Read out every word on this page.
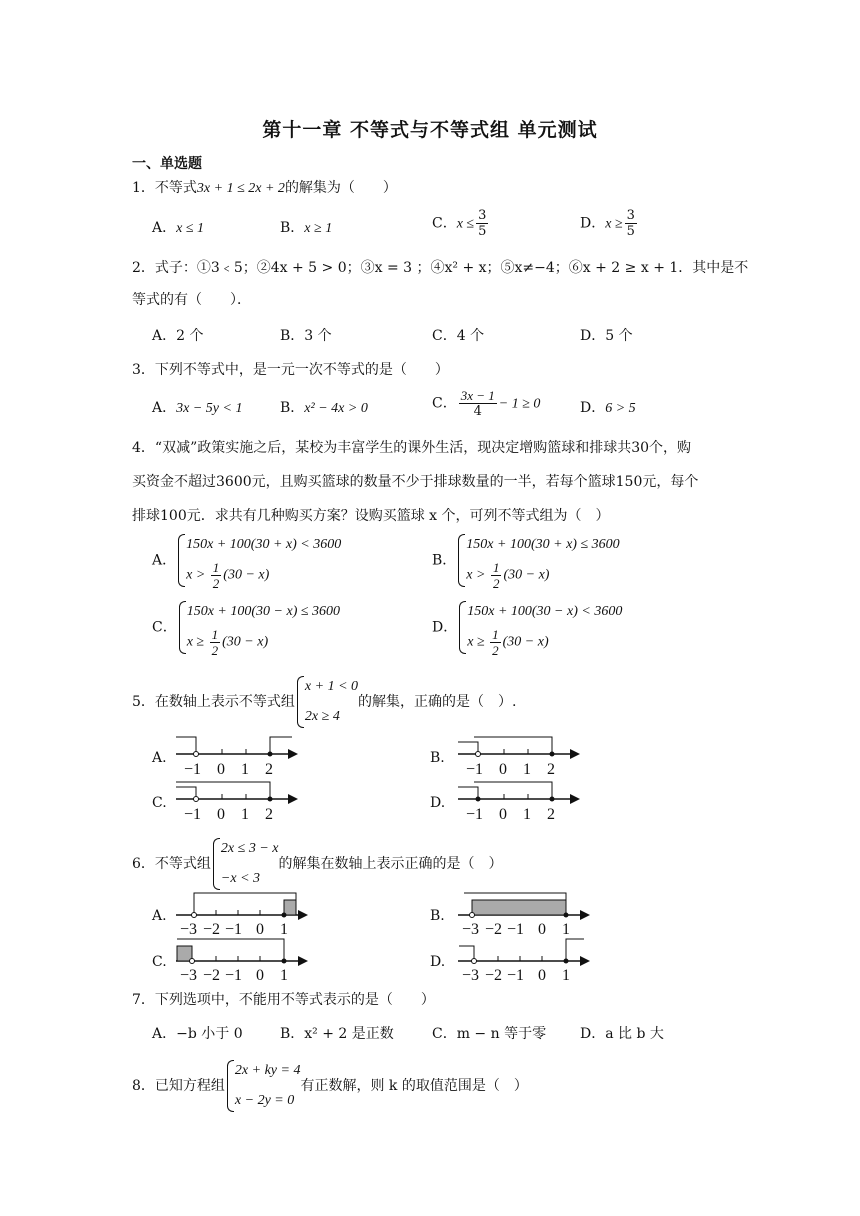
第十一章 不等式与不等式组 单元测试
一、单选题
1．不等式3x + 1 ≤ 2x + 2的解集为（　　）
A．x ≤ 1	B．x ≥ 1	C．$x \le \frac{3}{5}$	D．$x \ge \frac{3}{5}$
2．式子：①3﹤5；②4x + 5 > 0；③x = 3 ；④x² + x；⑤x≠−4；⑥x + 2 ≥ x + 1．其中是不
等式的有（　　）．
A．2 个	B．3 个	C．4 个	D．5 个
3．下列不等式中，是一元一次不等式的是（　　）
A．3x − 5y < 1	B．x² − 4x > 0	C． $\frac{3x - 1}{4} - 1 \ge 0$	D．6 > 5
4．“双减”政策实施之后，某校为丰富学生的课外生活，现决定增购篮球和排球共30个，购
买资金不超过3600元，且购买篮球的数量不少于排球数量的一半，若每个篮球150元，每个
排球100元．求共有几种购买方案？设购买篮球 x 个，可列不等式组为（　）
A．
150x + 100(30 + x) < 3600
$x > \frac{1}{2} (30 - x)$
B．
150x + 100(30 + x) ≤ 3600
$x > \frac{1}{2} (30 - x)$
C．
150x + 100(30 − x) ≤ 3600
$x \ge \frac{1}{2} (30 - x)$
D．
150x + 100(30 − x) < 3600
$x \ge \frac{1}{2} (30 - x)$
5．在数轴上表示不等式组
x + 1 < 0
2x ≥ 4
的解集，正确的是（　）.
A.
−1 0 1 2
B.
−1 0 1 2
C.
−1 0 1 2
D.
−1 0 1 2
6．不等式组
2x ≤ 3 − x
−x < 3
的解集在数轴上表示正确的是（　）
A.
−3 −2 −1 0 1
B.
−3 −2 −1 0 1
C.
−3 −2 −1 0 1
D.
−3 −2 −1 0 1
7．下列选项中，不能用不等式表示的是（　　）
A．−b 小于 0	B．x² + 2 是正数	C．m − n 等于零 D．a 比 b 大
8．已知方程组
2x + ky = 4
x − 2y = 0
有正数解，则 k 的取值范围是（　）
